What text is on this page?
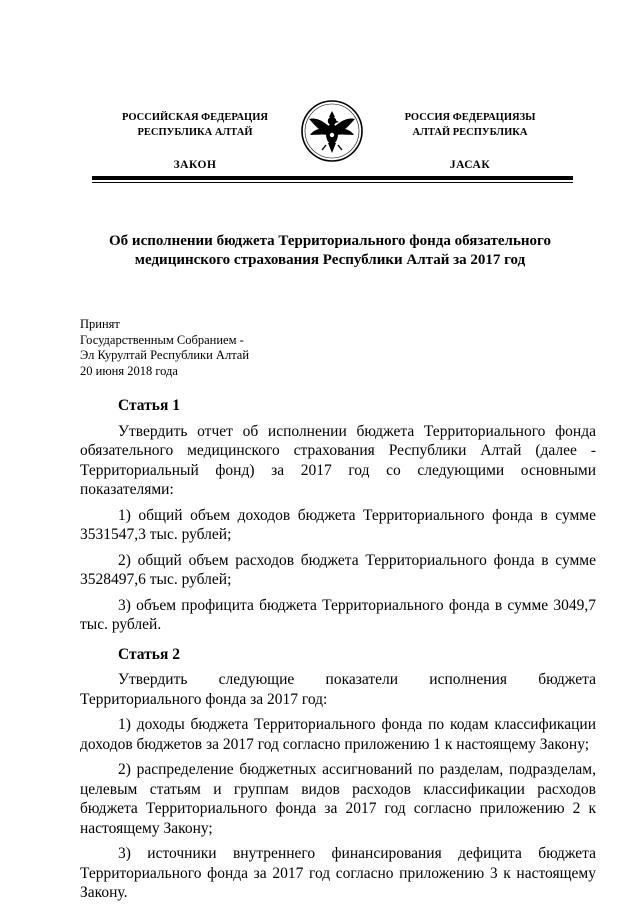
РОССИЙСКАЯ ФЕДЕРАЦИЯ
РЕСПУБЛИКА АЛТАЙ
ЗАКОН
РОССИЯ ФЕДЕРАЦИЯЗЫ
АЛТАЙ РЕСПУБЛИКА
JАСАК
Об исполнении бюджета Территориального фонда обязательного
медицинского страхования Республики Алтай за 2017 год
Принят
Государственным Собранием -
Эл Курултай Республики Алтай
20 июня 2018 года
Статья 1

Утвердить отчет об исполнении бюджета Территориального фонда обязательного медицинского страхования Республики Алтай (далее - Территориальный фонд) за 2017 год со следующими основными показателями:

1) общий объем доходов бюджета Территориального фонда в сумме 3531547,3 тыс. рублей;

2) общий объем расходов бюджета Территориального фонда в сумме 3528497,6 тыс. рублей;

3) объем профицита бюджета Территориального фонда в сумме 3049,7 тыс. рублей.

Статья 2

Утвердить следующие показатели исполнения бюджета Территориального фонда за 2017 год:

1) доходы бюджета Территориального фонда по кодам классификации доходов бюджетов за 2017 год согласно приложению 1 к настоящему Закону;

2) распределение бюджетных ассигнований по разделам, подразделам, целевым статьям и группам видов расходов классификации расходов бюджета Территориального фонда за 2017 год согласно приложению 2 к настоящему Закону;

3) источники внутреннего финансирования дефицита бюджета Территориального фонда за 2017 год согласно приложению 3 к настоящему Закону.
